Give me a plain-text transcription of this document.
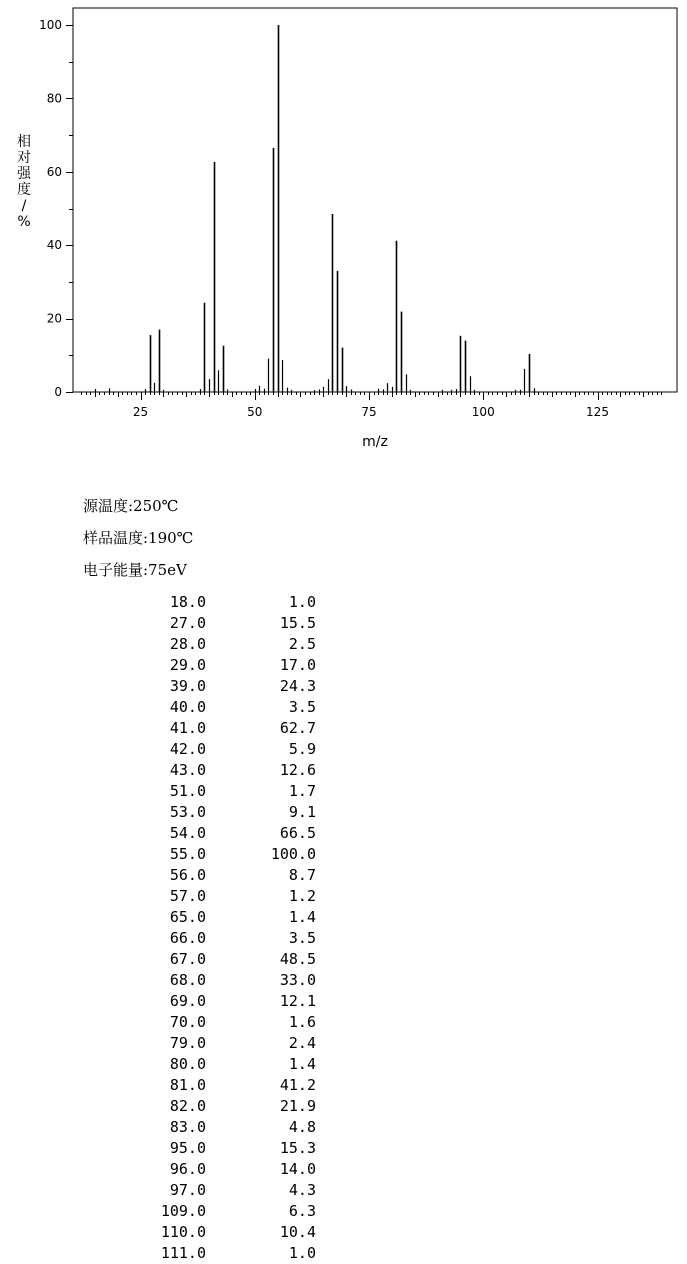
0
20
40
60
80
100
25	50	75	100	125
m/z
相对强度/ %
源温度:250℃
样品温度:190℃
电子能量:75eV
18.0	1.0
27.0	15.5
28.0	2.5
29.0	17.0
39.0	24.3
40.0	3.5
41.0	62.7
42.0	5.9
43.0	12.6
51.0	1.7
53.0	9.1
54.0	66.5
55.0	100.0
56.0	8.7
57.0	1.2
65.0	1.4
66.0	3.5
67.0	48.5
68.0	33.0
69.0	12.1
70.0	1.6
79.0	2.4
80.0	1.4
81.0	41.2
82.0	21.9
83.0	4.8
95.0	15.3
96.0	14.0
97.0	4.3
109.0	6.3
110.0	10.4
111.0	1.0
